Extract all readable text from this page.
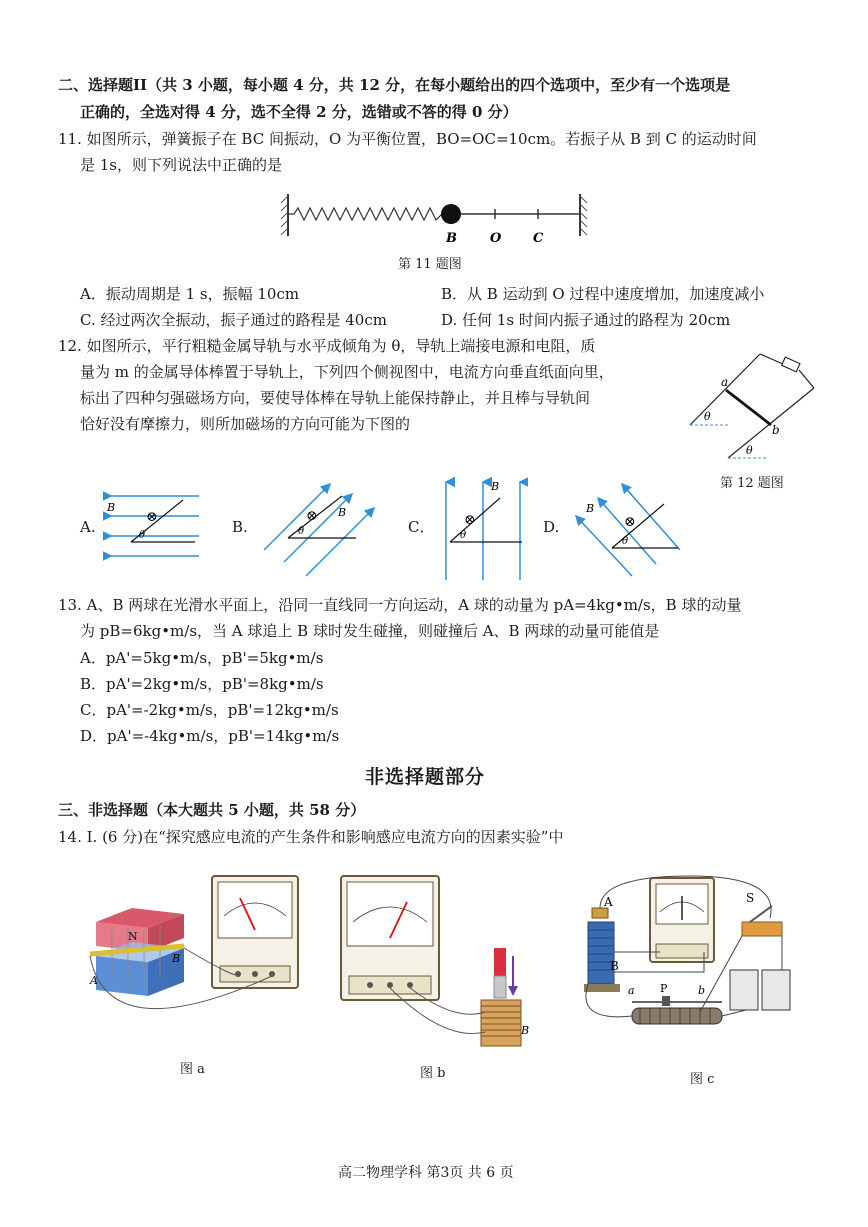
二、选择题II（共 3 小题，每小题 4 分，共 12 分，在每小题给出的四个选项中，至少有一个选项是
正确的，全选对得 4 分，选不全得 2 分，选错或不答的得 0 分）
11. 如图所示，弹簧振子在 BC 间振动，O 为平衡位置，BO=OC=10cm。若振子从 B 到 C 的运动时间
是 1s，则下列说法中正确的是
B	O C
第 11 题图
A．振动周期是 1 s，振幅 10cm	B．从 B 运动到 O 过程中速度增加，加速度减小
C. 经过两次全振动，振子通过的路程是 40cm	D. 任何 1s 时间内振子通过的路程为 20cm
12. 如图所示，平行粗糙金属导轨与水平成倾角为 θ，导轨上端接电源和电阻，质
量为 m 的金属导体棒置于导轨上，下列四个侧视图中，电流方向垂直纸面向里，
标出了四种匀强磁场方向，要使导体棒在导轨上能保持静止，并且棒与导轨间
恰好没有摩擦力，则所加磁场的方向可能为下图的
a
b
θ
θ
第 12 题图
A.	B.	C．	D.
θ
⊗
B
θ
⊗ B
θ
⊗
B
θ
⊗
B
13. A、B 两球在光滑水平面上，沿同一直线同一方向运动，A 球的动量为 pA=4kg•m/s，B 球的动量
为 pB=6kg•m/s，当 A 球追上 B 球时发生碰撞，则碰撞后 A、B 两球的动量可能值是
A．pA'=5kg•m/s，pB'=5kg•m/s
B．pA'=2kg•m/s，pB'=8kg•m/s
C．pA'=-2kg•m/s，pB'=12kg•m/s
D．pA'=-4kg•m/s，pB'=14kg•m/s
非选择题部分
三、非选择题（本大题共 5 小题，共 58 分）
14. I. (6 分)在“探究感应电流的产生条件和影响感应电流方向的因素实验”中
N
B
A
图 a
B
图 b
A
B
S
a P	b
图 c
高二物理学科 第3页 共 6 页
